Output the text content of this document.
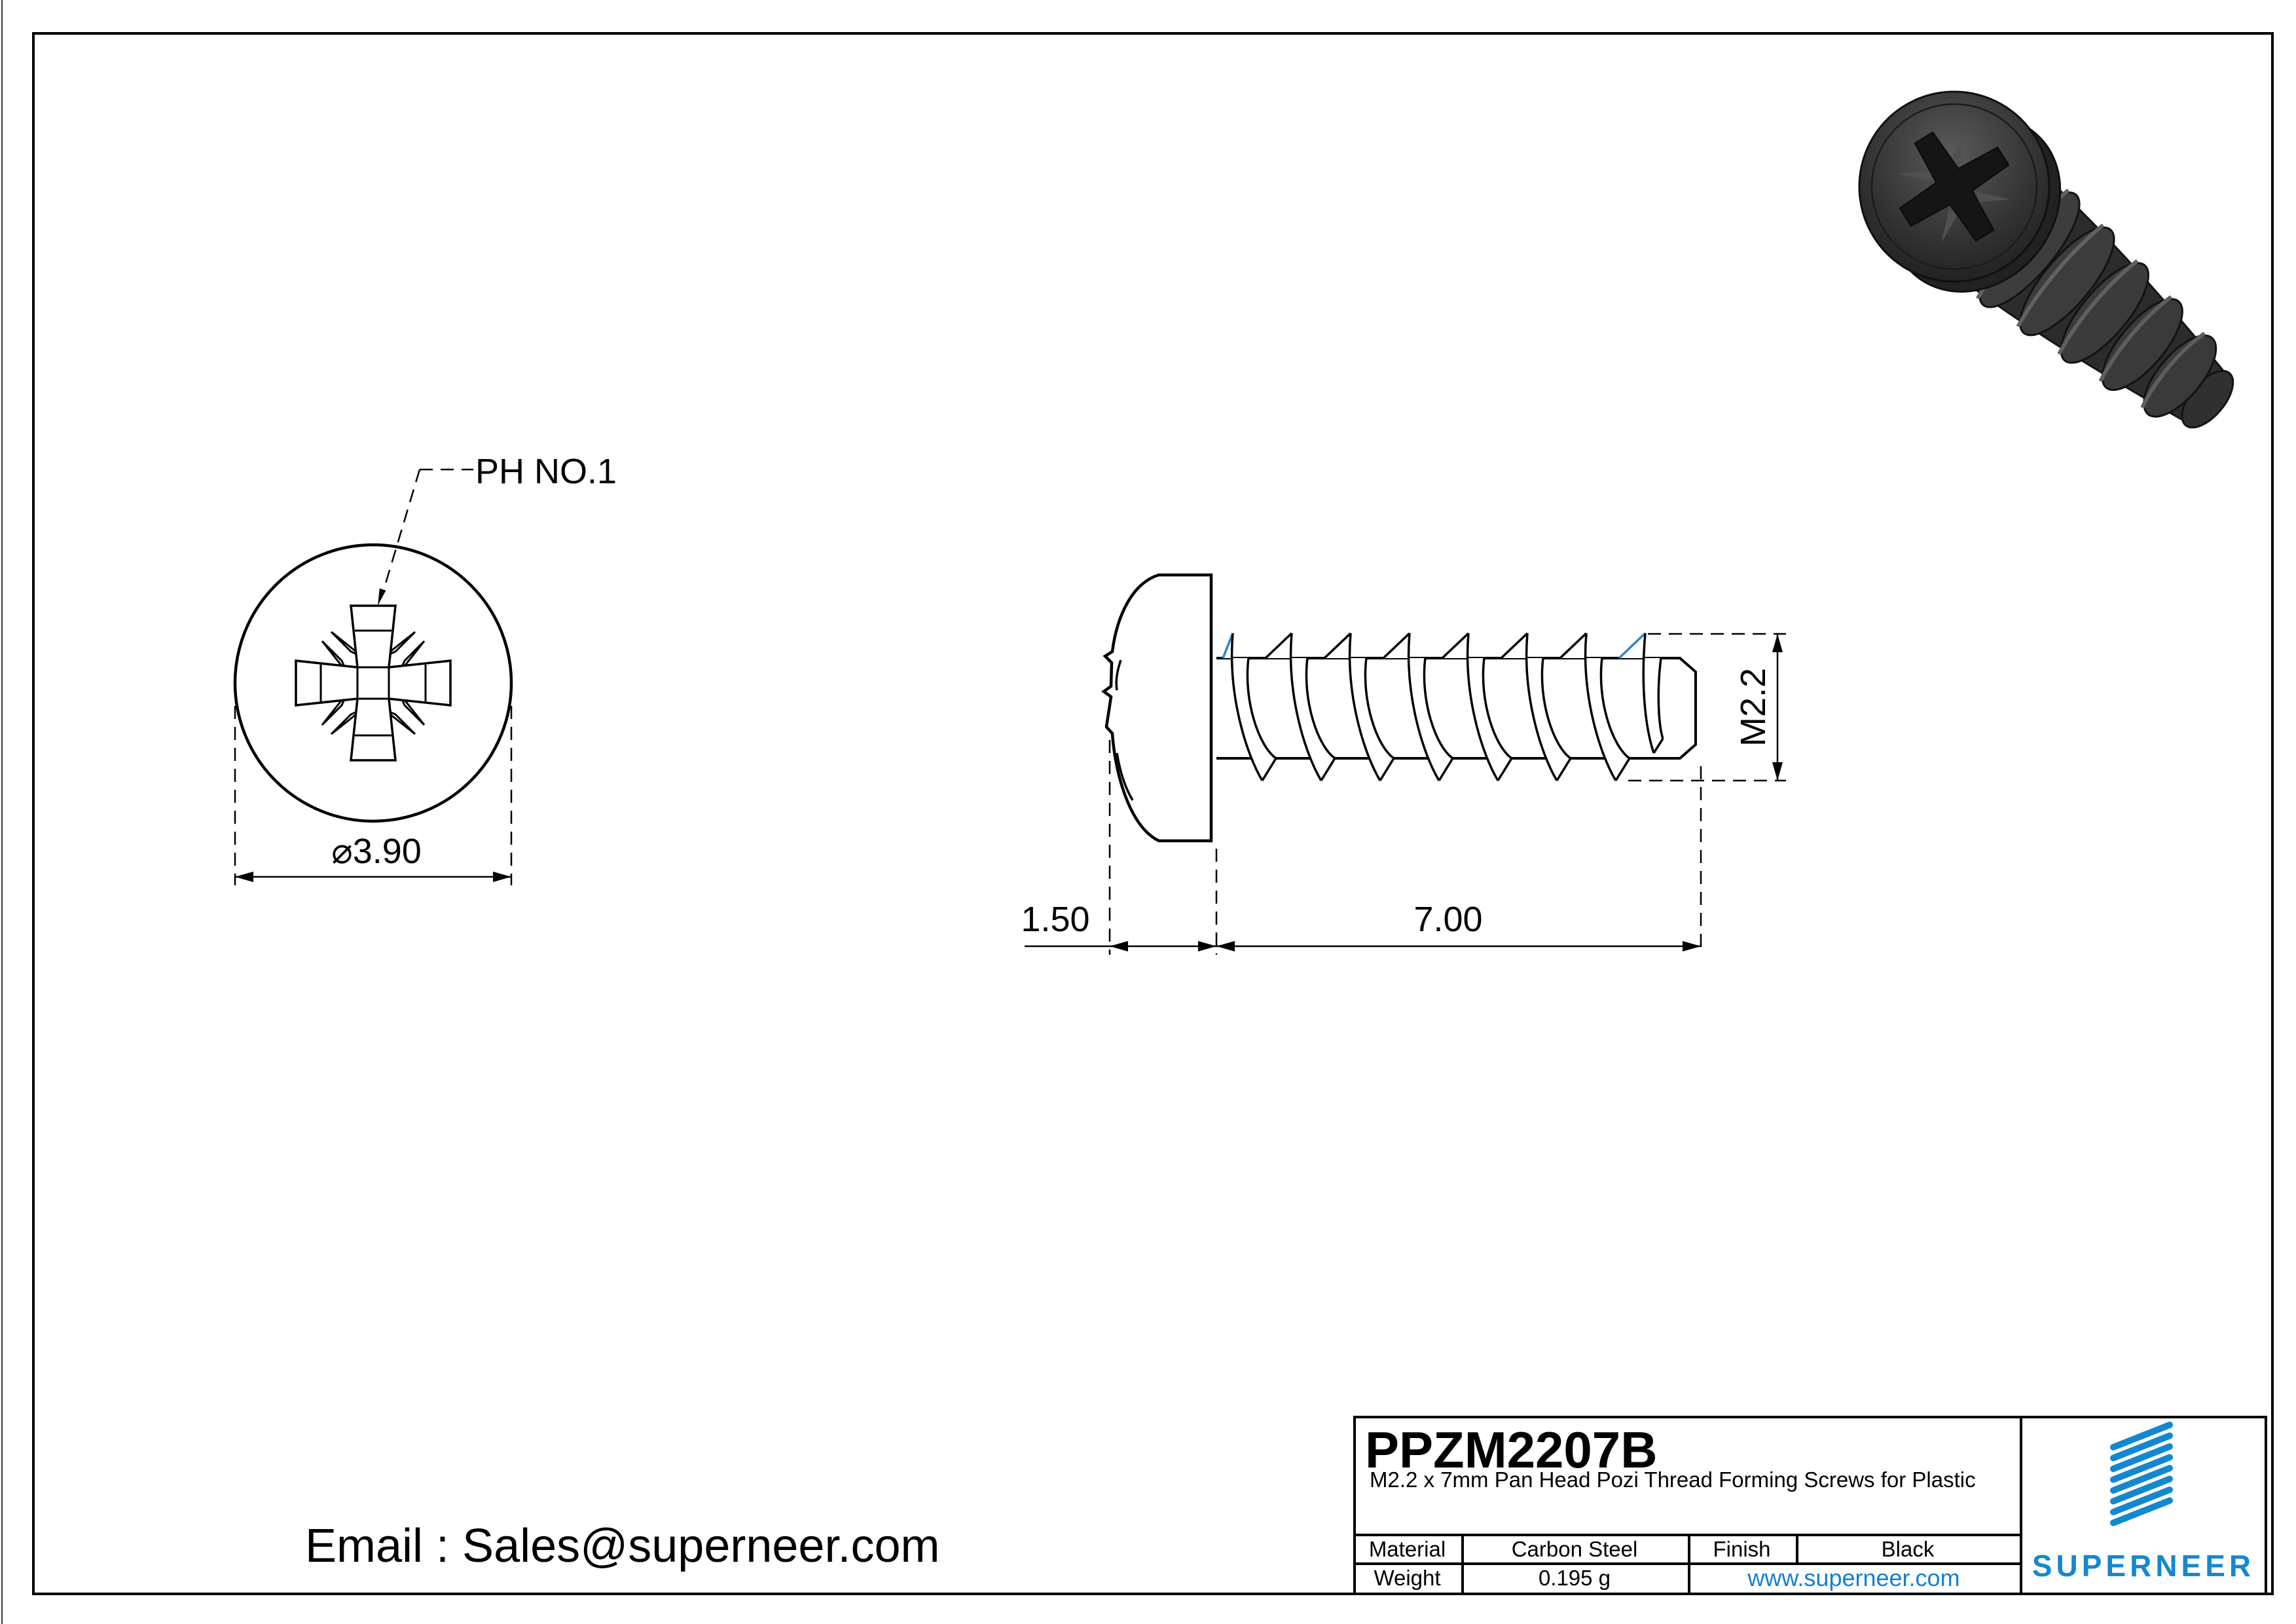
PH NO.1
⌀3.90
1.50	7.00
M2.2
PPZM2207B
M2.2 x 7mm Pan Head Pozi Thread Forming Screws for Plastic
Material	Carbon Steel	Finish	Black
Weight	0.195 g	www.superneer.com	SUPERNEER
Email : Sales@superneer.com
